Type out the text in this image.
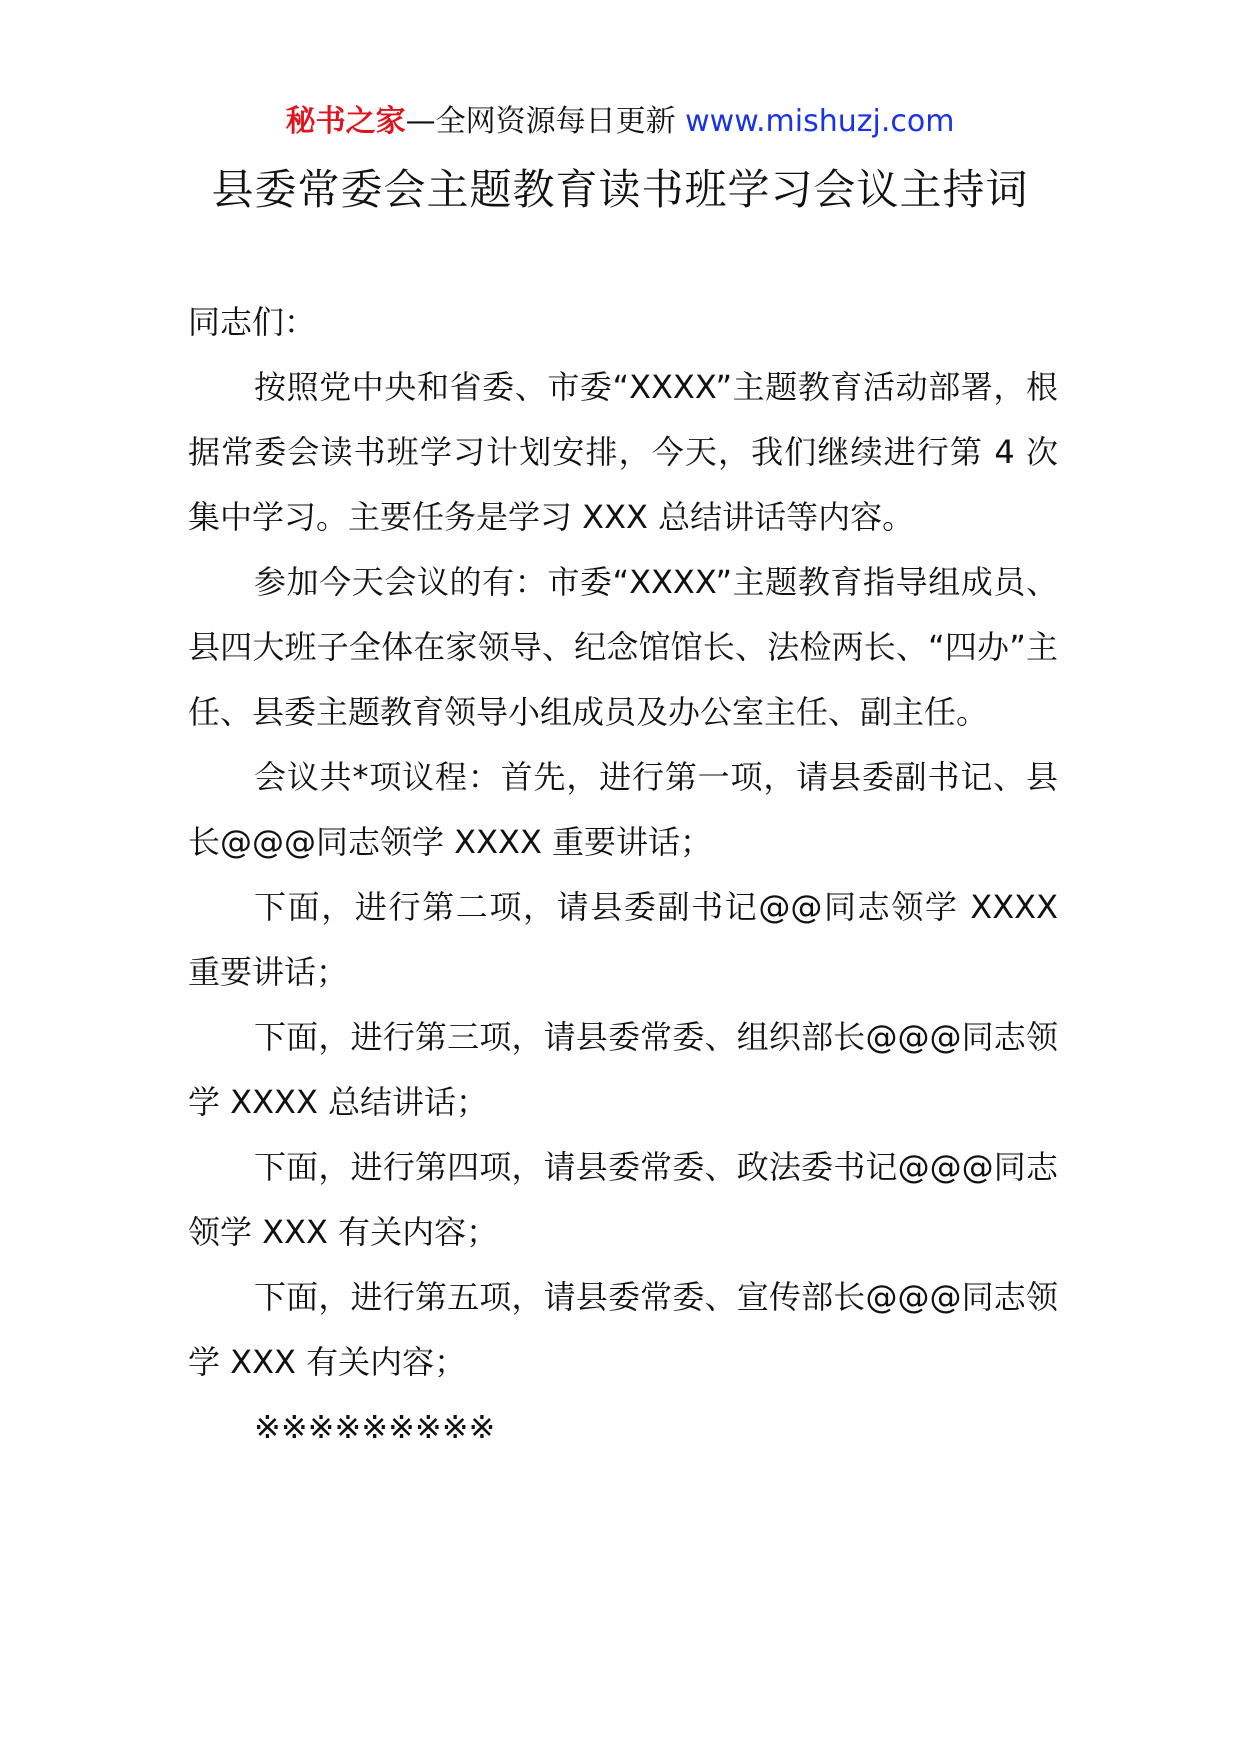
秘书之家—全网资源每日更新 www.mishuzj.com
县委常委会主题教育读书班学习会议主持词

同志们：

按照党中央和省委、市委“XXXX”主题教育活动部署，根据常委会读书班学习计划安排，今天，我们继续进行第 4 次集中学习。主要任务是学习 XXX 总结讲话等内容。

参加今天会议的有：市委“XXXX”主题教育指导组成员、县四大班子全体在家领导、纪念馆馆长、法检两长、“四办”主任、县委主题教育领导小组成员及办公室主任、副主任。

会议共*项议程：首先，进行第一项，请县委副书记、县长@@@同志领学 XXXX 重要讲话；

下面，进行第二项，请县委副书记@@同志领学 XXXX 重要讲话；

下面，进行第三项，请县委常委、组织部长@@@同志领学 XXXX 总结讲话；

下面，进行第四项，请县委常委、政法委书记@@@同志领学 XXX 有关内容；

下面，进行第五项，请县委常委、宣传部长@@@同志领学 XXX 有关内容；

※※※※※※※※※
